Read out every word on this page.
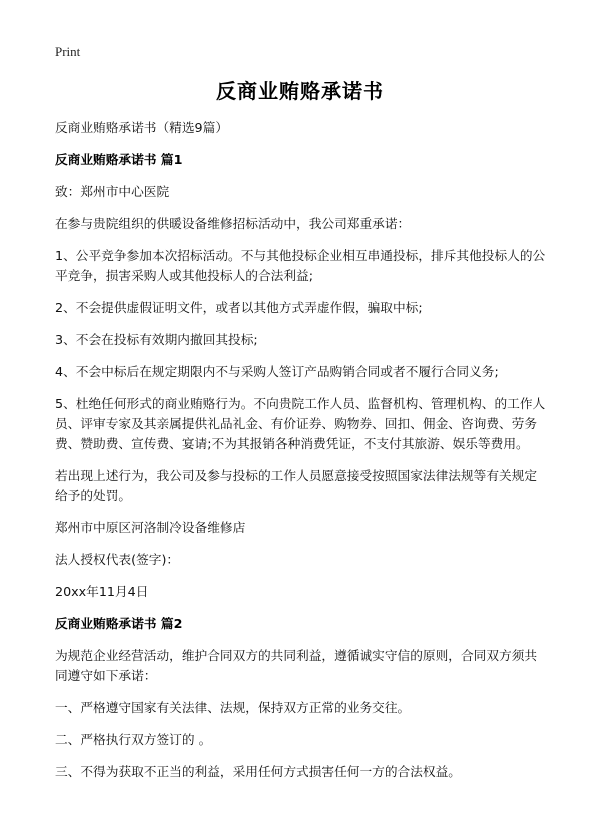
Print
反商业贿赂承诺书

反商业贿赂承诺书（精选9篇）

反商业贿赂承诺书 篇1

致：郑州市中心医院

在参与贵院组织的供暖设备维修招标活动中，我公司郑重承诺：

1、公平竞争参加本次招标活动。不与其他投标企业相互串通投标，排斥其他投标人的公平竞争，损害采购人或其他投标人的合法利益;

2、不会提供虚假证明文件，或者以其他方式弄虚作假，骗取中标;

3、不会在投标有效期内撤回其投标;

4、不会中标后在规定期限内不与采购人签订产品购销合同或者不履行合同义务;

5、杜绝任何形式的商业贿赂行为。不向贵院工作人员、监督机构、管理机构、的工作人员、评审专家及其亲属提供礼品礼金、有价证券、购物券、回扣、佣金、咨询费、劳务费、赞助费、宣传费、宴请;不为其报销各种消费凭证，不支付其旅游、娱乐等费用。

若出现上述行为，我公司及参与投标的工作人员愿意接受按照国家法律法规等有关规定给予的处罚。

郑州市中原区河洛制冷设备维修店

法人授权代表(签字)：

20xx年11月4日

反商业贿赂承诺书 篇2

为规范企业经营活动，维护合同双方的共同利益，遵循诚实守信的原则，合同双方须共同遵守如下承诺：

一、严格遵守国家有关法律、法规，保持双方正常的业务交往。

二、严格执行双方签订的 。

三、不得为获取不正当的利益，采用任何方式损害任何一方的合法权益。
